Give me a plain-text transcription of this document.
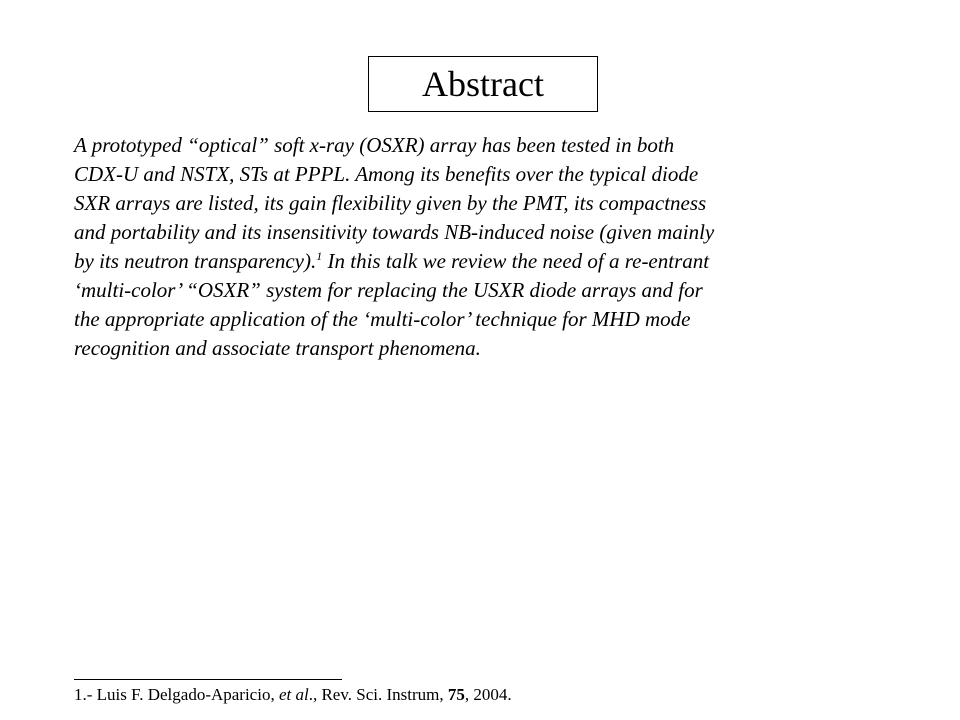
Abstract

A prototyped “optical” soft x-ray (OSXR) array has been tested in both
CDX-U and NSTX, STs at PPPL. Among its benefits over the typical diode
SXR arrays are listed, its gain flexibility given by the PMT, its compactness
and portability and its insensitivity towards NB-induced noise (given mainly
by its neutron transparency).$^1$ In this talk we review the need of a re-entrant
‘multi-color’ “OSXR” system for replacing the USXR diode arrays and for
the appropriate application of the ‘multi-color’ technique for MHD mode
recognition and associate transport phenomena.

1.- Luis F. Delgado-Aparicio, et al., Rev. Sci. Instrum, 75, 2004.
